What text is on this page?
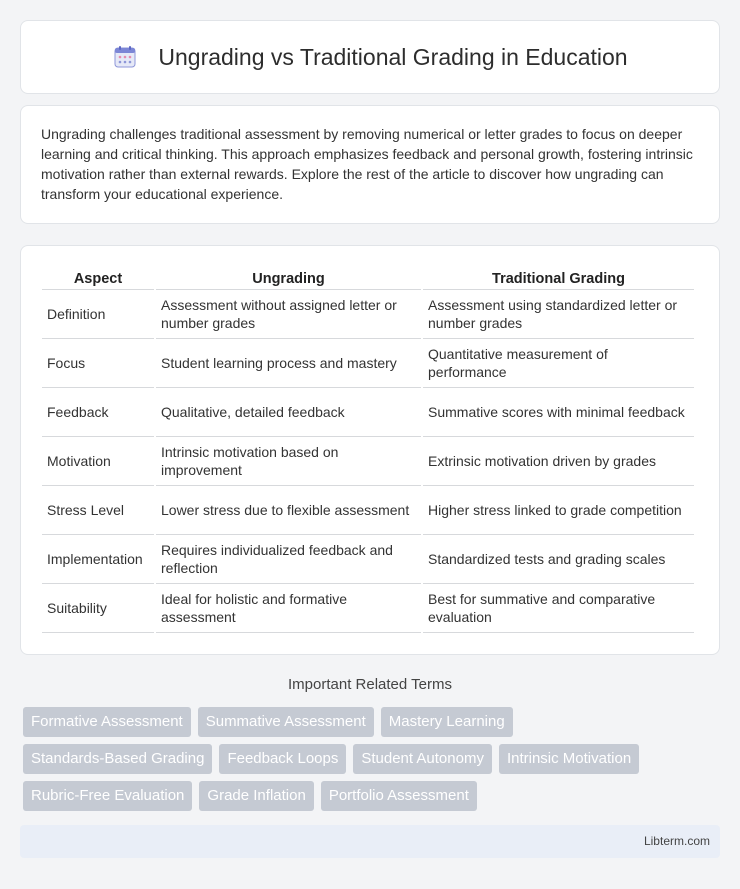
Ungrading vs Traditional Grading in Education

Ungrading challenges traditional assessment by removing numerical or letter grades to focus on deeper learning and critical thinking. This approach emphasizes feedback and personal growth, fostering intrinsic motivation rather than external rewards. Explore the rest of the article to discover how ungrading can transform your educational experience.

Aspect	Ungrading	Traditional Grading
Definition	Assessment without assigned letter or number grades	Assessment using standardized letter or number grades
Focus	Student learning process and mastery	Quantitative measurement of performance
Feedback	Qualitative, detailed feedback	Summative scores with minimal feedback
Motivation	Intrinsic motivation based on improvement	Extrinsic motivation driven by grades
Stress Level	Lower stress due to flexible assessment	Higher stress linked to grade competition
Implementation	Requires individualized feedback and reflection	Standardized tests and grading scales
Suitability	Ideal for holistic and formative assessment	Best for summative and comparative evaluation
Important Related Terms
Formative Assessment	Summative Assessment	Mastery Learning
Standards-Based Grading	Feedback Loops	Student Autonomy	Intrinsic Motivation
Rubric-Free Evaluation	Grade Inflation	Portfolio Assessment
Libterm.com
